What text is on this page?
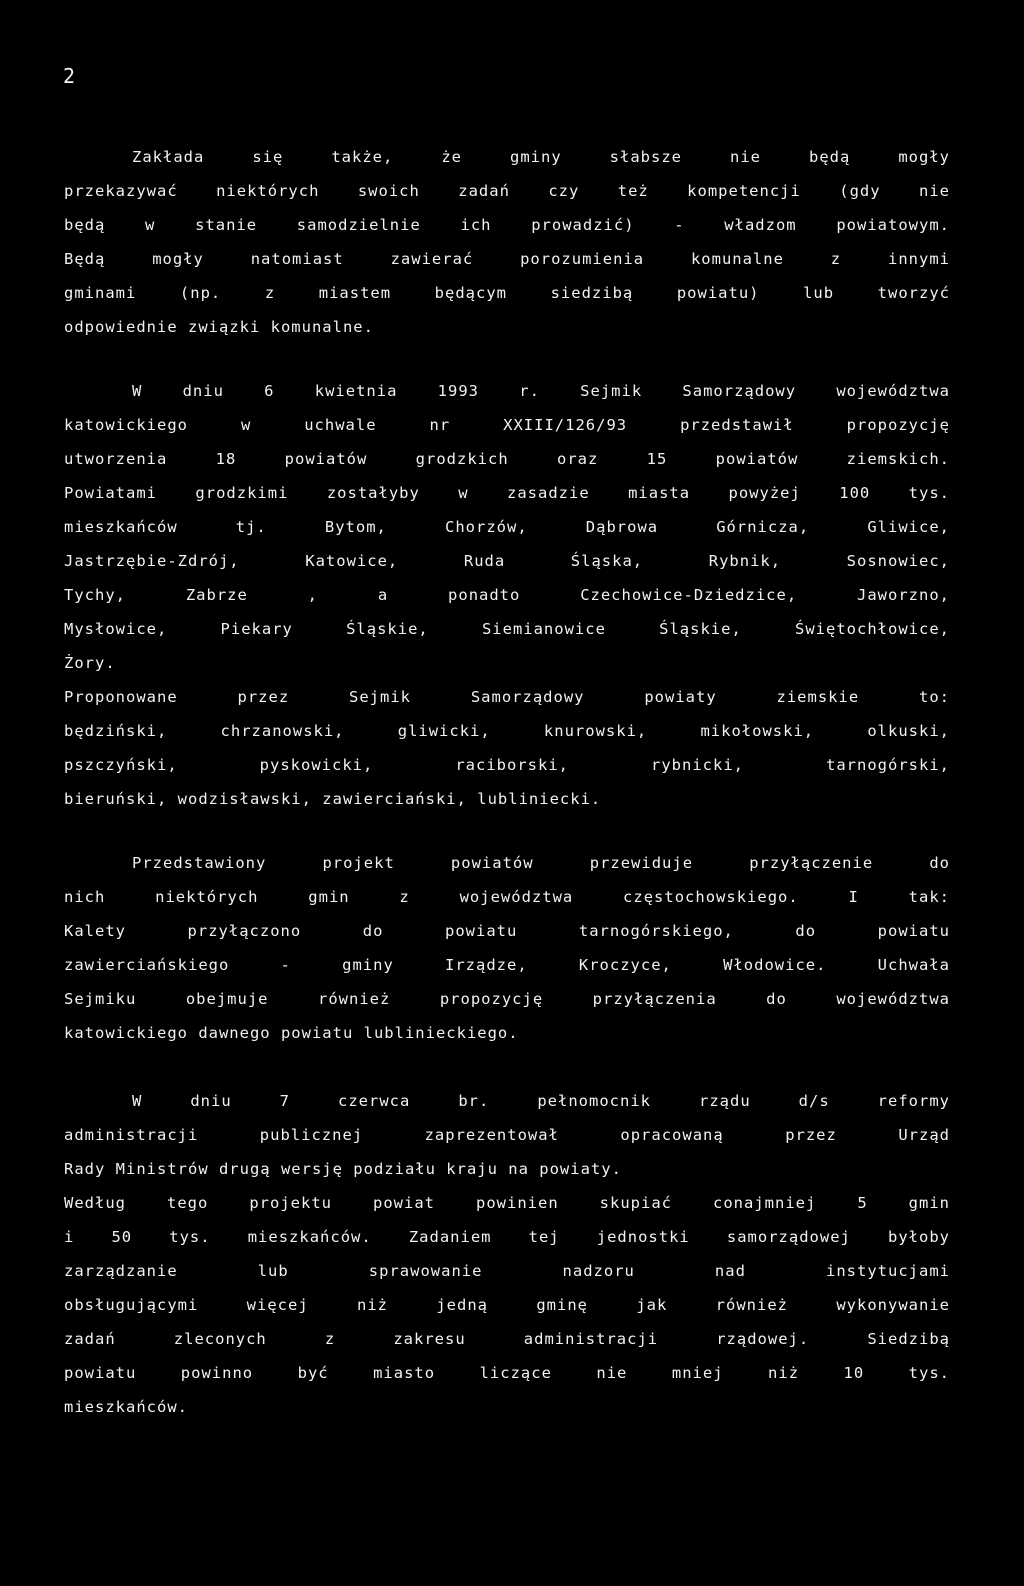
2
Zakłada się także, że gminy słabsze nie będą mogły
przekazywać niektórych swoich zadań czy też kompetencji (gdy nie
będą w stanie samodzielnie ich prowadzić) - władzom powiatowym.
Będą mogły natomiast zawierać porozumienia komunalne z innymi
gminami (np. z miastem będącym siedzibą powiatu) lub tworzyć
odpowiednie związki komunalne.
W dniu 6 kwietnia 1993 r. Sejmik Samorządowy województwa
katowickiego w uchwale nr XXIII/126/93 przedstawił propozycję
utworzenia 18 powiatów grodzkich oraz 15 powiatów ziemskich.
Powiatami grodzkimi zostałyby w zasadzie miasta powyżej 100 tys.
mieszkańców tj. Bytom, Chorzów, Dąbrowa Górnicza, Gliwice,
Jastrzębie-Zdrój, Katowice, Ruda Śląska, Rybnik, Sosnowiec,
Tychy, Zabrze , a ponadto Czechowice-Dziedzice, Jaworzno,
Mysłowice, Piekary Śląskie, Siemianowice Śląskie, Świętochłowice,
Żory.
Proponowane przez Sejmik Samorządowy powiaty ziemskie to:
będziński, chrzanowski, gliwicki, knurowski, mikołowski, olkuski,
pszczyński, pyskowicki, raciborski, rybnicki, tarnogórski,
bieruński, wodzisławski, zawierciański, lubliniecki.
Przedstawiony projekt powiatów przewiduje przyłączenie do
nich niektórych gmin z województwa częstochowskiego. I tak:
Kalety przyłączono do powiatu tarnogórskiego, do powiatu
zawierciańskiego - gminy Irządze, Kroczyce, Włodowice. Uchwała
Sejmiku obejmuje również propozycję przyłączenia do województwa
katowickiego dawnego powiatu lublinieckiego.
W dniu 7 czerwca br. pełnomocnik rządu d/s reformy
administracji publicznej zaprezentował opracowaną przez Urząd
Rady Ministrów drugą wersję podziału kraju na powiaty.
Według tego projektu powiat powinien skupiać conajmniej 5 gmin
i 50 tys. mieszkańców. Zadaniem tej jednostki samorządowej byłoby
zarządzanie lub sprawowanie nadzoru nad instytucjami
obsługującymi więcej niż jedną gminę jak również wykonywanie
zadań zleconych z zakresu administracji rządowej. Siedzibą
powiatu powinno być miasto liczące nie mniej niż 10 tys.
mieszkańców.
